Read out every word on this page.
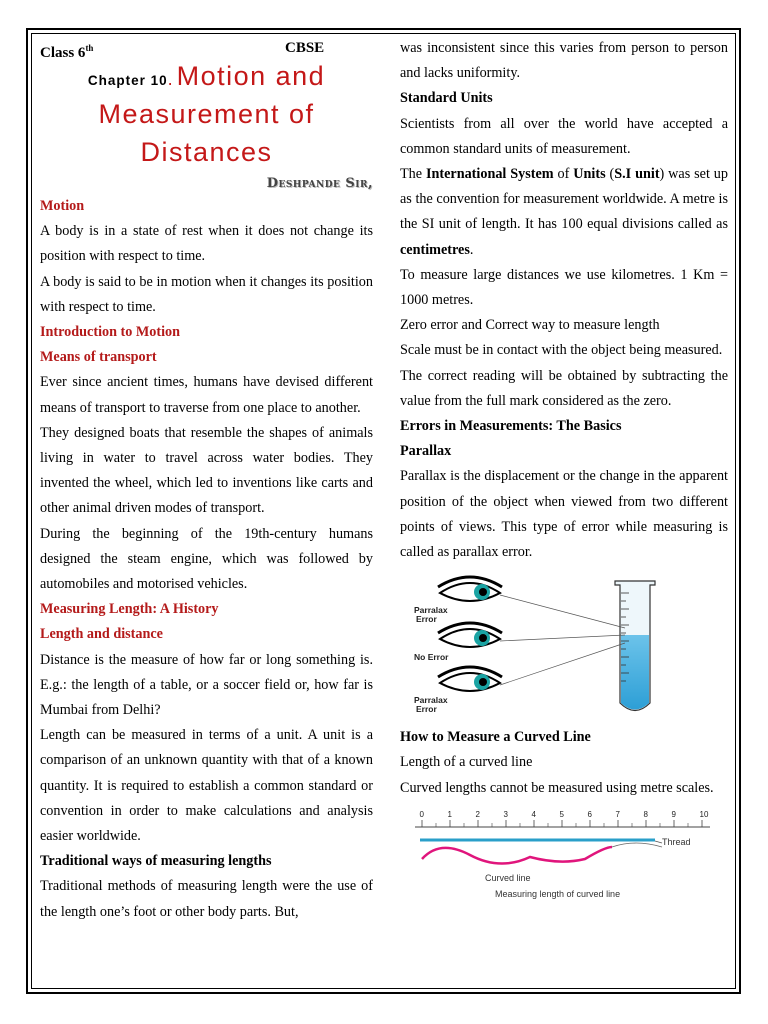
Class 6th	CBSE
Chapter 10. Motion and
Measurement of
Distances
Deshpande Sir,

Motion

A body is in a state of rest when it does not change its position with respect to time.

A body is said to be in motion when it changes its position with respect to time.

Introduction to Motion

Means of transport

Ever since ancient times, humans have devised different means of transport to traverse from one place to another.

They designed boats that resemble the shapes of animals living in water to travel across water bodies. They invented the wheel, which led to inventions like carts and other animal driven modes of transport.

During the beginning of the 19th-century humans designed the steam engine, which was followed by automobiles and motorised vehicles.

Measuring Length: A History

Length and distance

Distance is the measure of how far or long something is. E.g.: the length of a table, or a soccer field or, how far is Mumbai from Delhi?

Length can be measured in terms of a unit. A unit is a comparison of an unknown quantity with that of a known quantity. It is required to establish a common standard or convention in order to make calculations and analysis easier worldwide.

Traditional ways of measuring lengths

Traditional methods of measuring length were the use of the length one’s foot or other body parts. But,

was inconsistent since this varies from person to person and lacks uniformity.

Standard Units

Scientists from all over the world have accepted a common standard units of measurement.

The International System of Units (S.I unit) was set up as the convention for measurement worldwide. A metre is the SI unit of length. It has 100 equal divisions called as centimetres.

To measure large distances we use kilometres. 1 Km = 1000 metres.

Zero error and Correct way to measure length

Scale must be in contact with the object being measured.

The correct reading will be obtained by subtracting the value from the full mark considered as the zero.

Errors in Measurements: The Basics

Parallax

Parallax is the displacement or the change in the apparent position of the object when viewed from two different points of views. This type of error while measuring is called as parallax error.

Parralax
Error
No Error
Parralax
Error

How to Measure a Curved Line

Length of a curved line

Curved lengths cannot be measured using metre scales.

0	1	2	3	4	5	6	7	8	9	10
Thread
Curved line
Measuring length of curved line
